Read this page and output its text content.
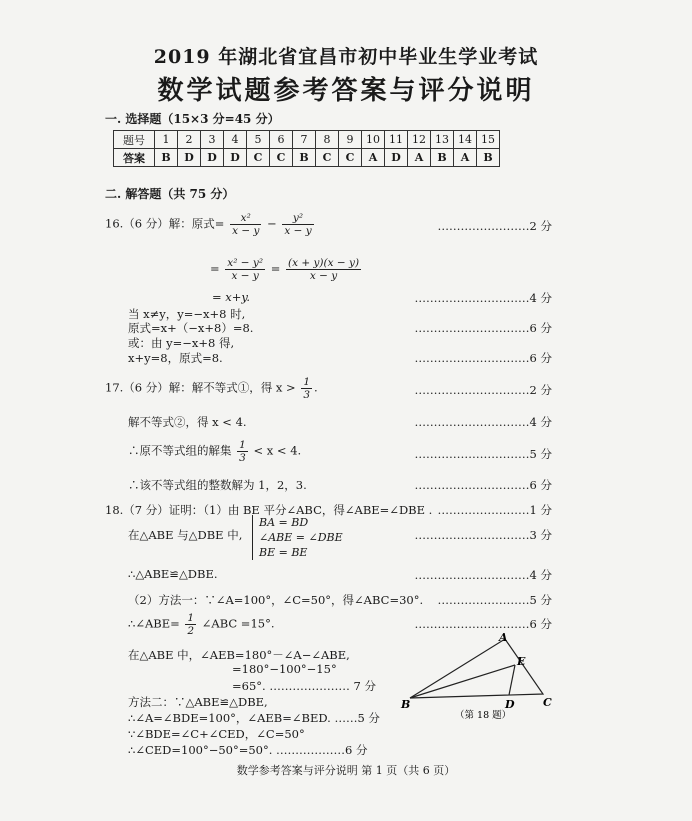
2019 年湖北省宜昌市初中毕业生学业考试
数学试题参考答案与评分说明
一. 选择题（15×3 分=45 分）
题号	1	2	3	4	5	6	7	8	9	10	11	12	13	14	15
答案	B	D	D	D	C	C	B	C	C	A	D	A	B	A	B
二. 解答题（共 75 分）
16.（6 分）解：原式= $\frac{\text{x²}}{x - y} - \frac{\text{y²}}{x - y}$	……………………2 分
= $\frac{\text{x² − y²}}{x - y} = \frac{(x + y)(x - y)}{x - y}$
= x+y.	…………………………4 分
当 x≠y，y=−x+8 时,
原式=x+（−x+8）=8.	…………………………6 分
或：由 y=−x+8 得,
x+y=8，原式=8.	…………………………6 分
17.（6 分）解：解不等式①，得 $x > \frac{1}{3}$ .	…………………………2 分
解不等式②，得 x < 4.	…………………………4 分
∴原不等式组的解集 $\frac{1}{3} < x < 4$.	…………………………5 分
∴该不等式组的整数解为 1，2，3.	…………………………6 分
18.（7 分）证明：（1）由 BE 平分∠ABC，得∠ABE=∠DBE . ……………………1 分
在△ABE 与△DBE 中,
BA = BD
∠ABE = ∠DBE
BE = BE
…………………………3 分
∴△ABE≌△DBE.	…………………………4 分
（2）方法一：∵∠A=100°，∠C=50°，得∠ABC=30°.	……………………5 分
∴∠ABE= $\frac{1}{2}$ ∠ABC =15°.	…………………………6 分
在△ABE 中，∠AEB=180°－∠A−∠ABE,
=180°−100°−15°
=65°. ………………… 7 分
方法二：∵△ABE≌△DBE,
∴∠A=∠BDE=100°，∠AEB=∠BED. ……5 分
∵∠BDE=∠C+∠CED，∠C=50°
∴∠CED=100°−50°=50°. ………………6 分
A
B	C
D
E
（第 18 题）
数学参考答案与评分说明 第 1 页（共 6 页）
